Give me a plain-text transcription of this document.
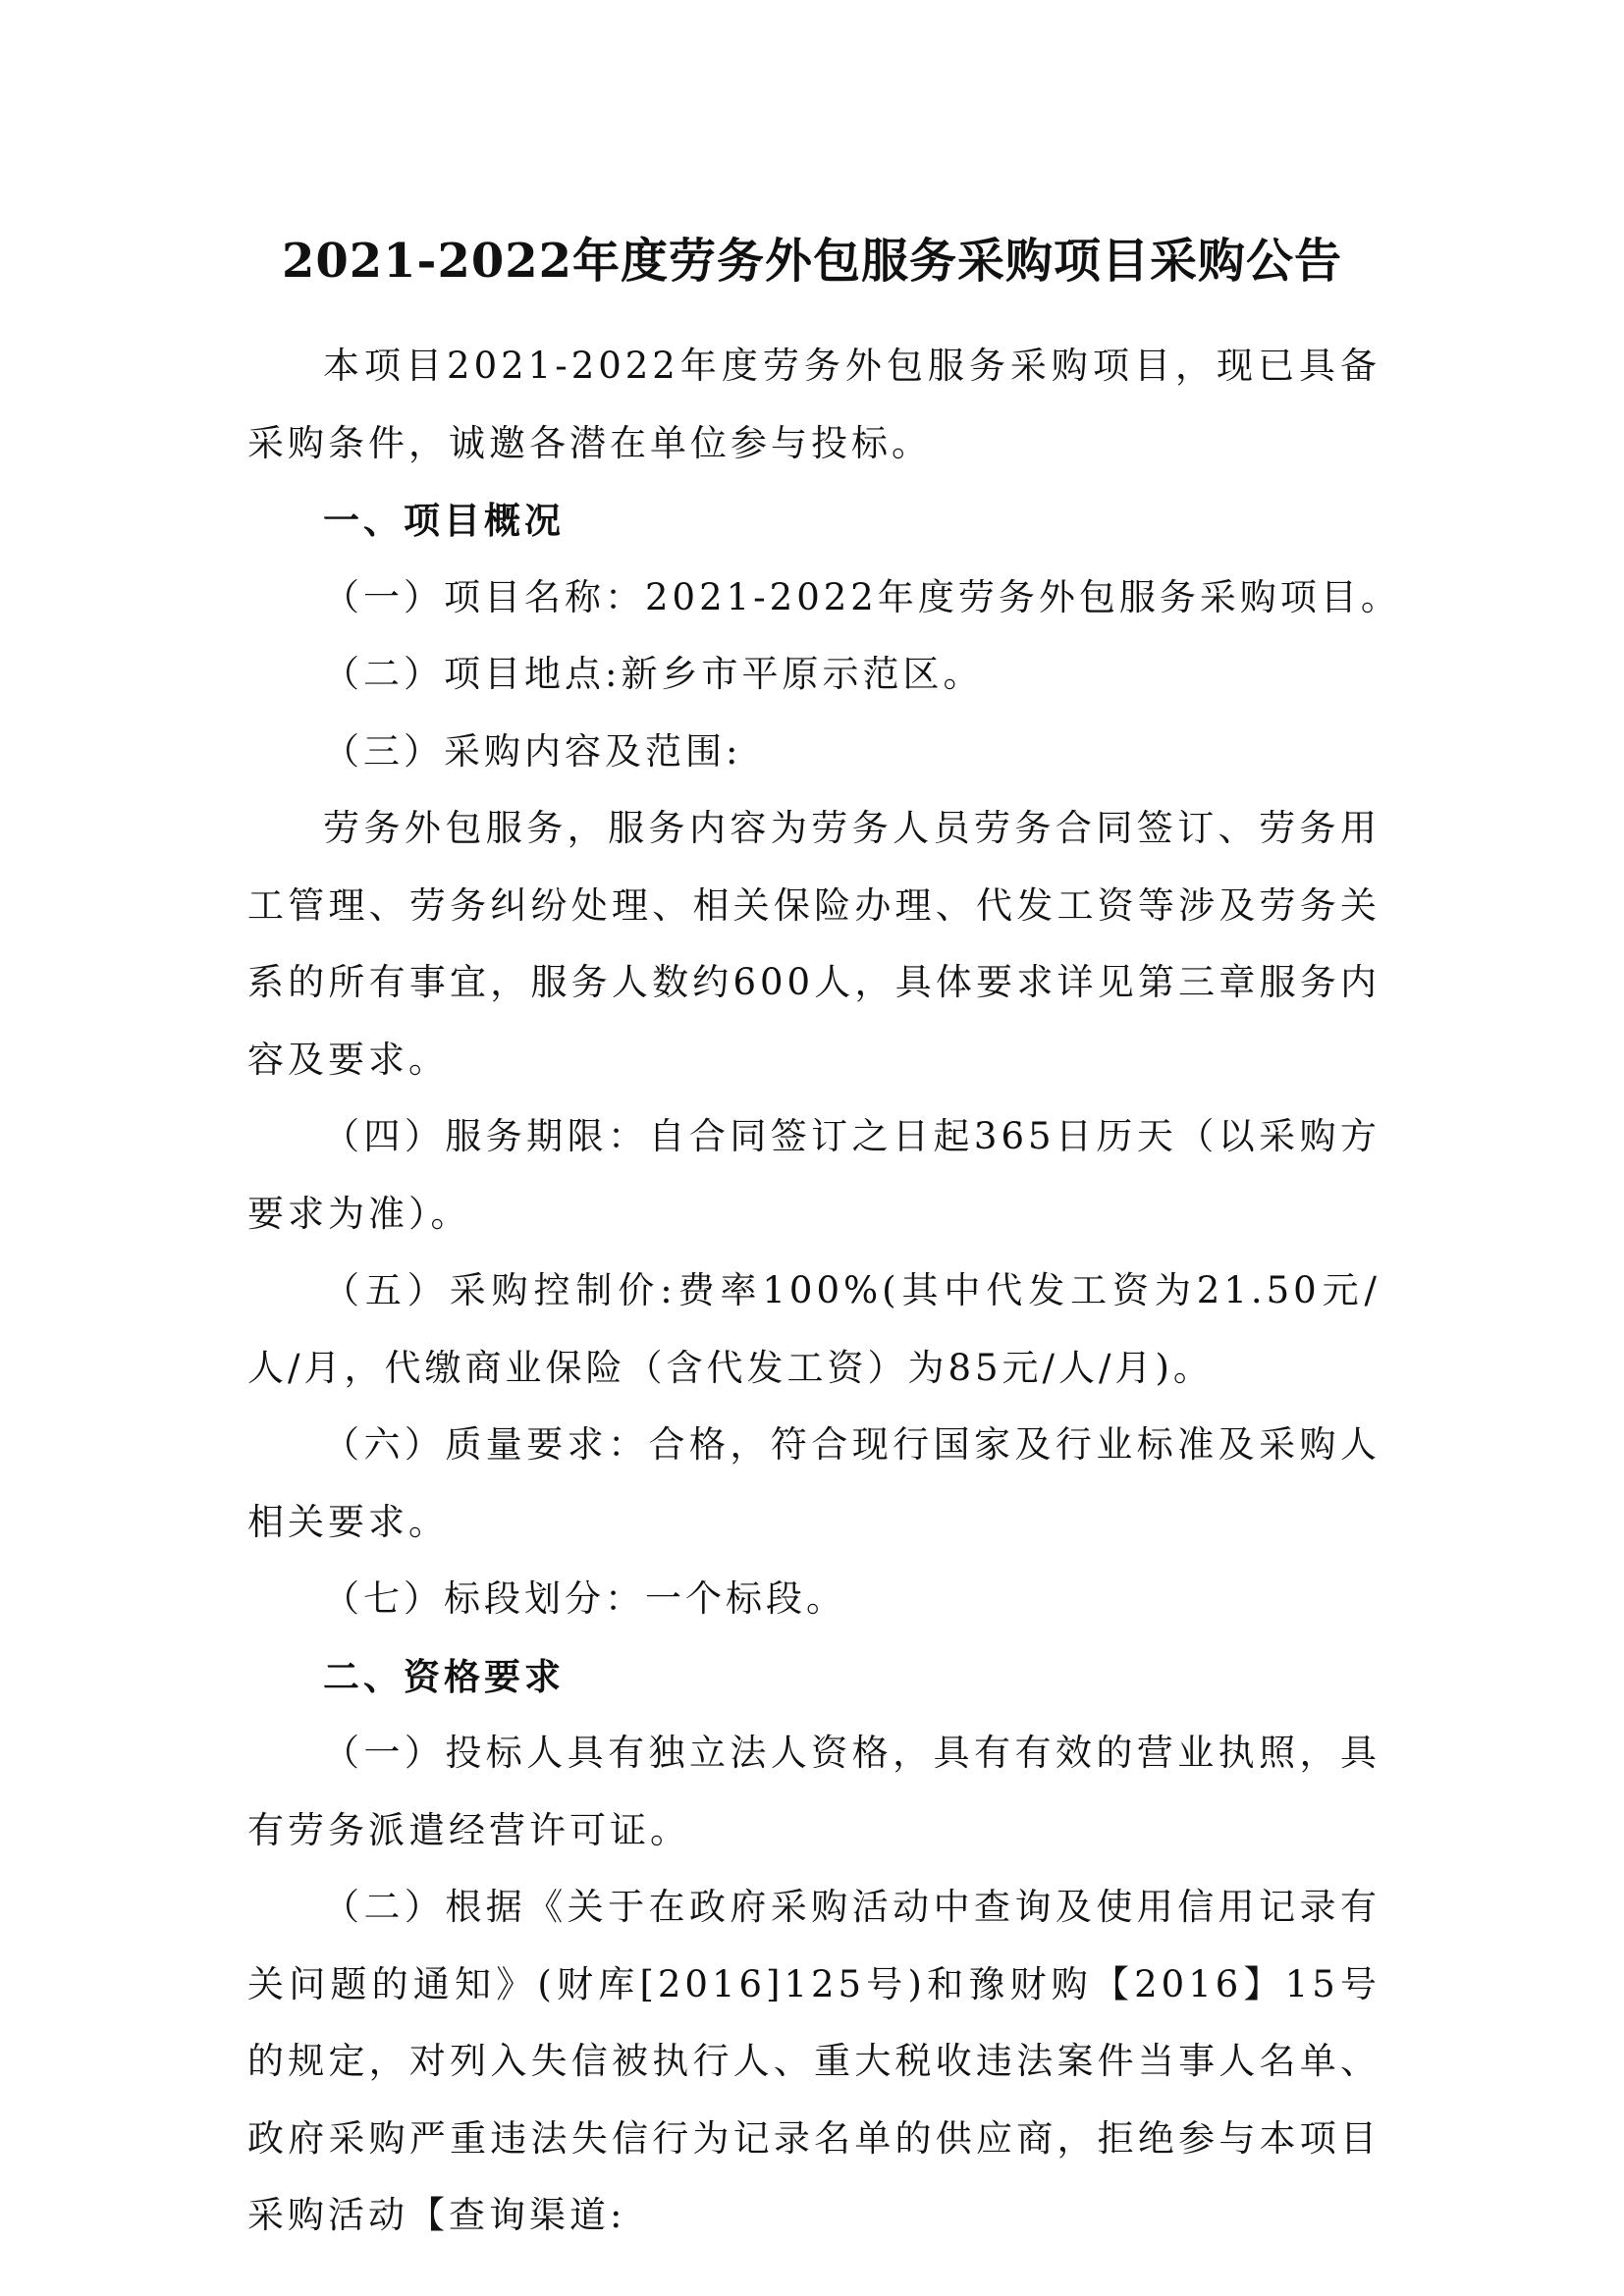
2021-2022年度劳务外包服务采购项目采购公告

本项目2021-2022年度劳务外包服务采购项目，现已具备采购条件，诚邀各潜在单位参与投标。

一、项目概况

（一）项目名称：2021-2022年度劳务外包服务采购项目。

（二）项目地点:新乡市平原示范区。

（三）采购内容及范围:

劳务外包服务，服务内容为劳务人员劳务合同签订、劳务用工管理、劳务纠纷处理、相关保险办理、代发工资等涉及劳务关系的所有事宜，服务人数约600人，具体要求详见第三章服务内容及要求。

（四）服务期限：自合同签订之日起365日历天（以采购方要求为准）。

（五）采购控制价:费率100%(其中代发工资为21.50元/人/月，代缴商业保险（含代发工资）为85元/人/月)。

（六）质量要求：合格，符合现行国家及行业标准及采购人相关要求。

（七）标段划分：一个标段。

二、资格要求

（一）投标人具有独立法人资格，具有有效的营业执照，具有劳务派遣经营许可证。

（二）根据《关于在政府采购活动中查询及使用信用记录有关问题的通知》(财库[2016]125号)和豫财购【2016】15号的规定，对列入失信被执行人、重大税收违法案件当事人名单、政府采购严重违法失信行为记录名单的供应商，拒绝参与本项目采购活动【查询渠道:
